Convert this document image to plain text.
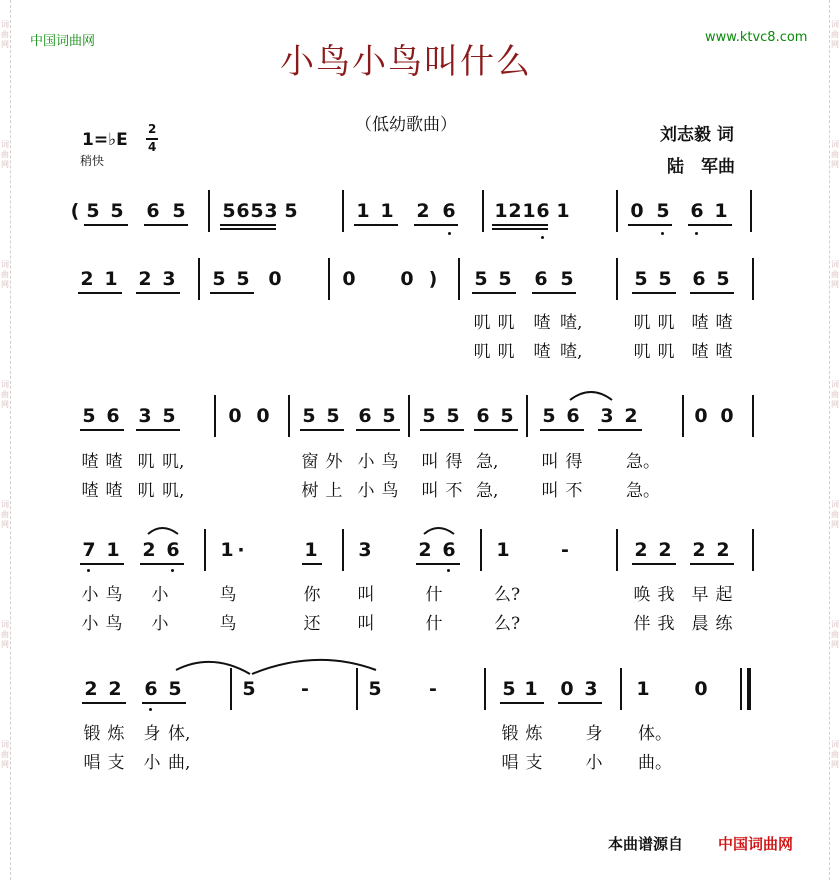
中国词曲网	www.ktvc8.com
小鸟小鸟叫什么
（低幼歌曲）
1=♭E
2
4
稍快
刘志毅 词
陆　军曲
( 5 5 6 5 5 6 5 3 5	1 1 2 6 1 2 1 6 1	0 5 6 1
2 1 2 3 5 5 0	0 0 ) 5 5 6 5	5 5 6 5
叽 叽 喳 喳,	叽 叽 喳 喳
叽 叽 喳 喳,	叽 叽 喳 喳
5 6 3 5	0 0 5 5 6 5 5 5 6 5 5 6 3 2	0 0
喳 喳 叽 叽,	窗 外 小 鸟 叫 得 急,	叫 得	急。
喳 喳 叽 叽,	树 上 小 鸟 叫 不 急,	叫 不	急。
7 1 2 6 1 ·	1 3 2 6 1	-	2 2 2 2
小 鸟 小	鸟	你 叫	什	么?	唤 我 早 起
小 鸟 小	鸟	还 叫	什	么?	伴 我 晨 练
2 2 6 5	5 -	5 -	5 1 0 3 1 0
锻 炼 身 体,	锻 炼	身 体。
唱 支 小 曲,	唱 支	小 曲。
本曲谱源自 中国词曲网
词曲网
词曲网
词曲网
词曲网
词曲网
词曲网
词曲网
词曲网
词曲网
词曲网
词曲网
词曲网
词曲网
词曲网
